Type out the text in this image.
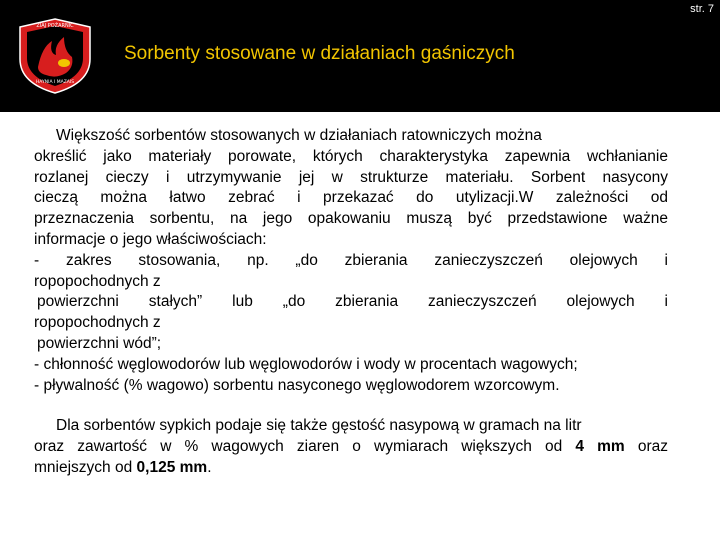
str. 7
ZIAJ POŻARNIC
HAYNIA I MAZAIS
Sorbenty stosowane w działaniach gaśniczych
Większość sorbentów stosowanych w działaniach ratowniczych można
określić jako materiały porowate, których charakterystyka zapewnia wchłanianie
rozlanej cieczy i utrzymywanie jej w strukturze materiału. Sorbent nasycony
cieczą można łatwo zebrać i przekazać do utylizacji.W zależności od
przeznaczenia sorbentu, na jego opakowaniu muszą być przedstawione ważne
informacje o jego właściwościach:
- zakres stosowania, np. „do zbierania zanieczyszczeń olejowych i
ropopochodnych z
powierzchni stałych” lub „do zbierania zanieczyszczeń olejowych i
ropopochodnych z
powierzchni wód”;
- chłonność węglowodorów lub węglowodorów i wody w procentach wagowych;
- pływalność (% wagowo) sorbentu nasyconego węglowodorem wzorcowym.
Dla sorbentów sypkich podaje się także gęstość nasypową w gramach na litr
oraz zawartość w % wagowych ziaren o wymiarach większych od 4 mm oraz
mniejszych od 0,125 mm.
